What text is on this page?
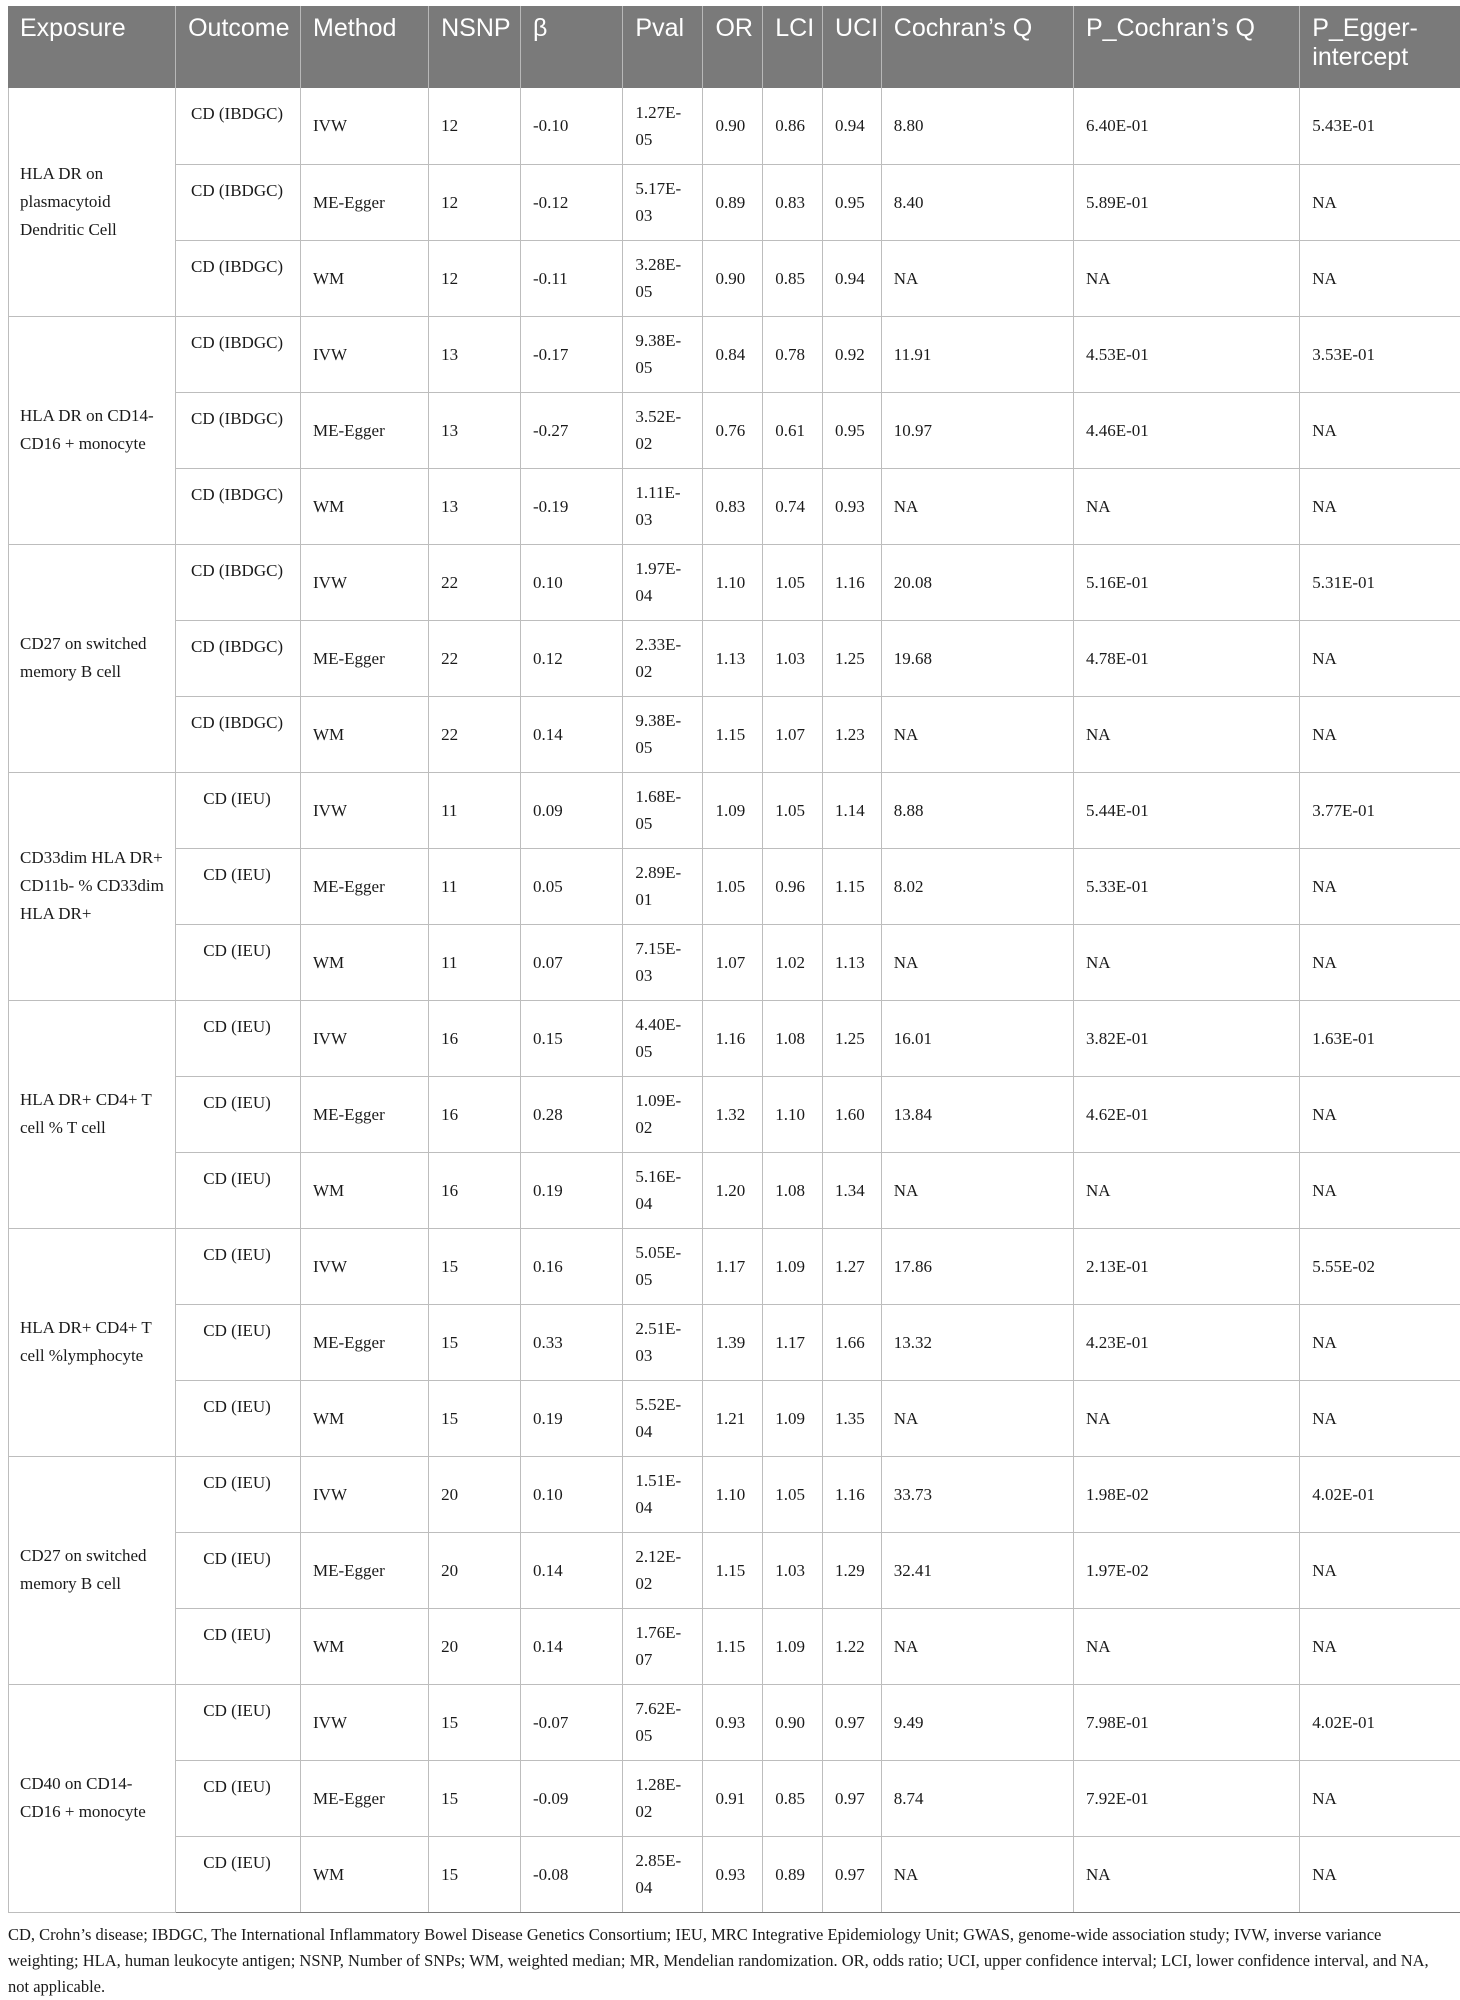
Exposure	Outcome	Method	NSNP	β	Pval	OR	LCI	UCI	Cochran’s Q	P_Cochran’s Q	P_Egger-intercept
HLA DR on plasmacytoid Dendritic Cell	CD (IBDGC)	IVW	12	-0.10	1.27E-05	0.90	0.86	0.94	8.80	6.40E-01	5.43E-01
	CD (IBDGC)	ME-Egger	12	-0.12	5.17E-03	0.89	0.83	0.95	8.40	5.89E-01	NA
	CD (IBDGC)	WM	12	-0.11	3.28E-05	0.90	0.85	0.94	NA	NA	NA
HLA DR on CD14- CD16 + monocyte	CD (IBDGC)	IVW	13	-0.17	9.38E-05	0.84	0.78	0.92	11.91	4.53E-01	3.53E-01
	CD (IBDGC)	ME-Egger	13	-0.27	3.52E-02	0.76	0.61	0.95	10.97	4.46E-01	NA
	CD (IBDGC)	WM	13	-0.19	1.11E-03	0.83	0.74	0.93	NA	NA	NA
CD27 on switched memory B cell	CD (IBDGC)	IVW	22	0.10	1.97E-04	1.10	1.05	1.16	20.08	5.16E-01	5.31E-01
	CD (IBDGC)	ME-Egger	22	0.12	2.33E-02	1.13	1.03	1.25	19.68	4.78E-01	NA
	CD (IBDGC)	WM	22	0.14	9.38E-05	1.15	1.07	1.23	NA	NA	NA
CD33dim HLA DR+ CD11b- % CD33dim HLA DR+	CD (IEU)	IVW	11	0.09	1.68E-05	1.09	1.05	1.14	8.88	5.44E-01	3.77E-01
	CD (IEU)	ME-Egger	11	0.05	2.89E-01	1.05	0.96	1.15	8.02	5.33E-01	NA
	CD (IEU)	WM	11	0.07	7.15E-03	1.07	1.02	1.13	NA	NA	NA
HLA DR+ CD4+ T cell % T cell	CD (IEU)	IVW	16	0.15	4.40E-05	1.16	1.08	1.25	16.01	3.82E-01	1.63E-01
	CD (IEU)	ME-Egger	16	0.28	1.09E-02	1.32	1.10	1.60	13.84	4.62E-01	NA
	CD (IEU)	WM	16	0.19	5.16E-04	1.20	1.08	1.34	NA	NA	NA
HLA DR+ CD4+ T cell %lymphocyte	CD (IEU)	IVW	15	0.16	5.05E-05	1.17	1.09	1.27	17.86	2.13E-01	5.55E-02
	CD (IEU)	ME-Egger	15	0.33	2.51E-03	1.39	1.17	1.66	13.32	4.23E-01	NA
	CD (IEU)	WM	15	0.19	5.52E-04	1.21	1.09	1.35	NA	NA	NA
CD27 on switched memory B cell	CD (IEU)	IVW	20	0.10	1.51E-04	1.10	1.05	1.16	33.73	1.98E-02	4.02E-01
	CD (IEU)	ME-Egger	20	0.14	2.12E-02	1.15	1.03	1.29	32.41	1.97E-02	NA
	CD (IEU)	WM	20	0.14	1.76E-07	1.15	1.09	1.22	NA	NA	NA
CD40 on CD14- CD16 + monocyte	CD (IEU)	IVW	15	-0.07	7.62E-05	0.93	0.90	0.97	9.49	7.98E-01	4.02E-01
	CD (IEU)	ME-Egger	15	-0.09	1.28E-02	0.91	0.85	0.97	8.74	7.92E-01	NA
	CD (IEU)	WM	15	-0.08	2.85E-04	0.93	0.89	0.97	NA	NA	NA
CD, Crohn’s disease; IBDGC, The International Inflammatory Bowel Disease Genetics Consortium; IEU, MRC Integrative Epidemiology Unit; GWAS, genome-wide association study; IVW, inverse variance weighting; HLA, human leukocyte antigen; NSNP, Number of SNPs; WM, weighted median; MR, Mendelian randomization. OR, odds ratio; UCI, upper confidence interval; LCI, lower confidence interval, and NA, not applicable.
